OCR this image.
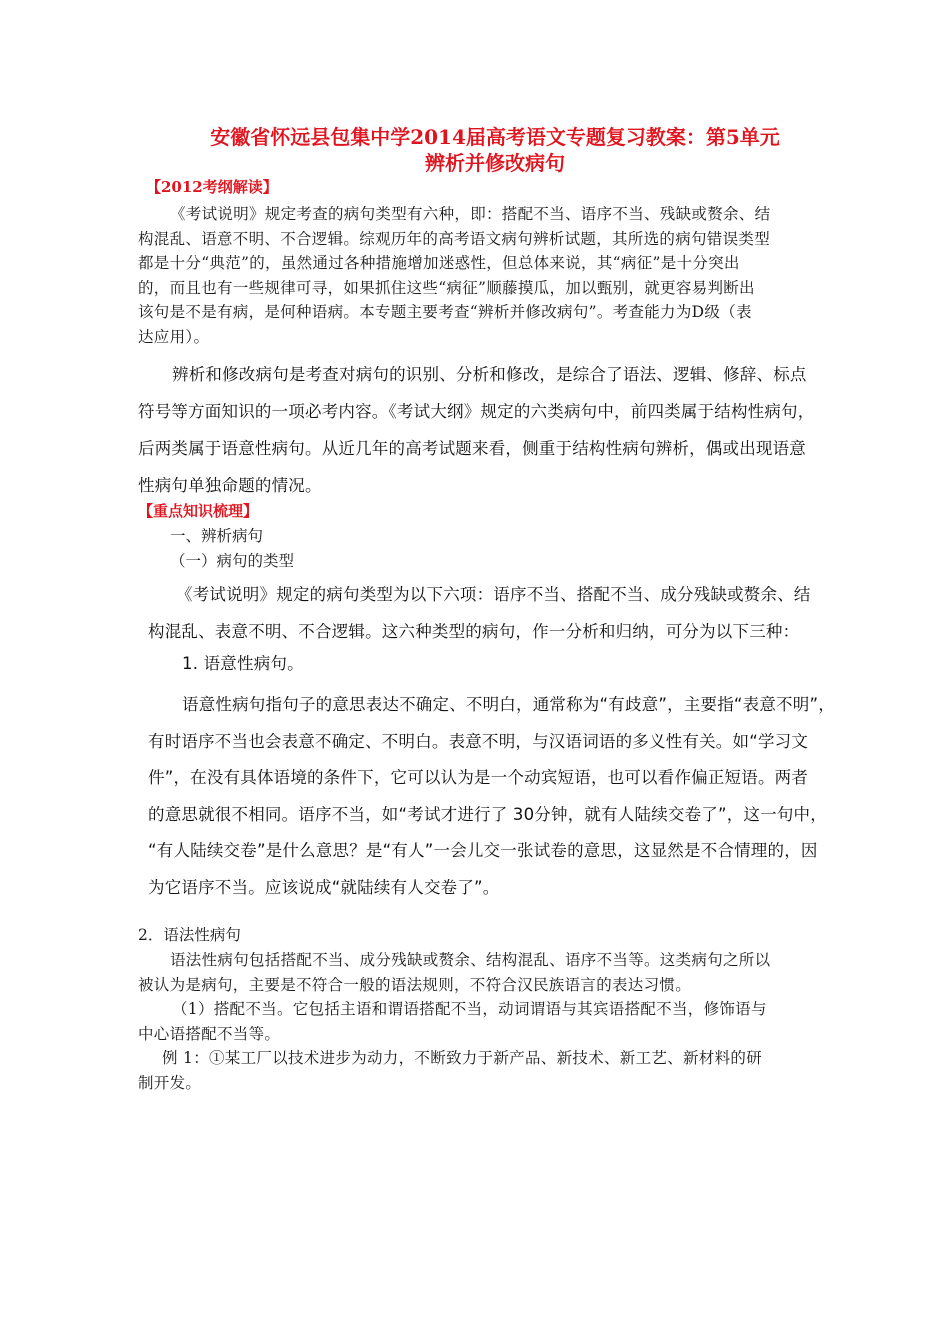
安徽省怀远县包集中学2014届高考语文专题复习教案：第5单元
辨析并修改病句
【2012考纲解读】

《考试说明》规定考查的病句类型有六种，即：搭配不当、语序不当、残缺或赘余、结

构混乱、语意不明、不合逻辑。综观历年的高考语文病句辨析试题，其所选的病句错误类型

都是十分“典范”的，虽然通过各种措施增加迷惑性，但总体来说，其“病征”是十分突出

的，而且也有一些规律可寻，如果抓住这些“病征”顺藤摸瓜，加以甄别，就更容易判断出

该句是不是有病，是何种语病。本专题主要考查“辨析并修改病句”。考查能力为D级（表

达应用）。

辨析和修改病句是考查对病句的识别、分析和修改，是综合了语法、逻辑、修辞、标点

符号等方面知识的一项必考内容。《考试大纲》规定的六类病句中，前四类属于结构性病句，

后两类属于语意性病句。从近几年的高考试题来看，侧重于结构性病句辨析，偶或出现语意

性病句单独命题的情况。

【重点知识梳理】
一、辨析病句
（一）病句的类型

《考试说明》规定的病句类型为以下六项：语序不当、搭配不当、成分残缺或赘余、结

构混乱、表意不明、不合逻辑。这六种类型的病句，作一分析和归纳，可分为以下三种：

1. 语意性病句。

语意性病句指句子的意思表达不确定、不明白，通常称为“有歧意”，主要指“表意不明”，

有时语序不当也会表意不确定、不明白。表意不明，与汉语词语的多义性有关。如“学习文

件”，在没有具体语境的条件下，它可以认为是一个动宾短语，也可以看作偏正短语。两者

的意思就很不相同。语序不当，如“考试才进行了 30分钟，就有人陆续交卷了”，这一句中，

“有人陆续交卷”是什么意思？是“有人”一会儿交一张试卷的意思，这显然是不合情理的，因

为它语序不当。应该说成“就陆续有人交卷了”。

2．语法性病句

语法性病句包括搭配不当、成分残缺或赘余、结构混乱、语序不当等。这类病句之所以

被认为是病句，主要是不符合一般的语法规则，不符合汉民族语言的表达习惯。

（1）搭配不当。它包括主语和谓语搭配不当，动词谓语与其宾语搭配不当，修饰语与

中心语搭配不当等。

例 1：①某工厂以技术进步为动力，不断致力于新产品、新技术、新工艺、新材料的研

制开发。
